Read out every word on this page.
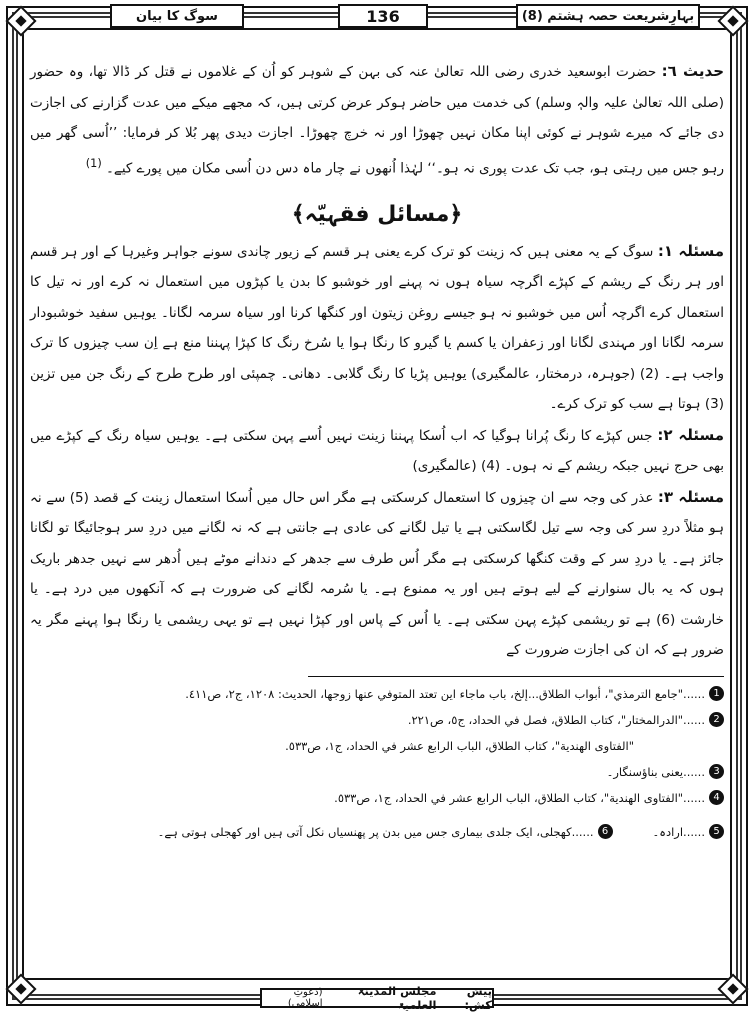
بہارِشریعت حصہ ہشتم (8)
136
سوگ کا بیان

حدیث ٦: حضرت ابوسعید خدری رضی اللہ تعالیٰ عنہ کی بہن کے شوہر کو اُن کے غلاموں نے قتل کر ڈالا تھا، وہ حضور (صلی اللہ تعالیٰ علیہ والہٖ وسلم) کی خدمت میں حاضر ہوکر عرض کرتی ہیں، کہ مجھے میکے میں عدت گزارنے کی اجازت دی جائے کہ میرے شوہر نے کوئی اپنا مکان نہیں چھوڑا اور نہ خرچ چھوڑا۔ اجازت دیدی پھر بُلا کر فرمایا: ’’اُسی گھر میں رہو جس میں رہتی ہو، جب تک عدت پوری نہ ہو۔‘‘ لہٰذا اُنھوں نے چار ماہ دس دن اُسی مکان میں پورے کیے۔ $^{(1)}$

﴿مسائل فقہیّہ﴾

مسئلہ ۱: سوگ کے یہ معنی ہیں کہ زینت کو ترک کرے یعنی ہر قسم کے زیور چاندی سونے جواہر وغیرہا کے اور ہر قسم اور ہر رنگ کے ریشم کے کپڑے اگرچہ سیاہ ہوں نہ پہنے اور خوشبو کا بدن یا کپڑوں میں استعمال نہ کرے اور نہ تیل کا استعمال کرے اگرچہ اُس میں خوشبو نہ ہو جیسے روغن زیتون اور کنگھا کرنا اور سیاہ سرمہ لگانا۔ یوہیں سفید خوشبودار سرمہ لگانا اور مہندی لگانا اور زعفران یا کسم یا گیرو کا رنگا ہوا یا سُرخ رنگ کا کپڑا پہننا منع ہے اِن سب چیزوں کا ترک واجب ہے۔ (2) (جوہرہ، درمختار، عالمگیری) یوہیں پڑیا کا رنگ گلابی۔ دھانی۔ چمپئی اور طرح طرح کے رنگ جن میں تزین (3) ہوتا ہے سب کو ترک کرے۔

مسئلہ ۲: جس کپڑے کا رنگ پُرانا ہوگیا کہ اب اُسکا پہننا زینت نہیں اُسے پہن سکتی ہے۔ یوہیں سیاہ رنگ کے کپڑے میں بھی حرج نہیں جبکہ ریشم کے نہ ہوں۔ (4) (عالمگیری)

مسئلہ ۳: عذر کی وجہ سے ان چیزوں کا استعمال کرسکتی ہے مگر اس حال میں اُسکا استعمال زینت کے قصد (5) سے نہ ہو مثلاً دردِ سر کی وجہ سے تیل لگاسکتی ہے یا تیل لگانے کی عادی ہے جانتی ہے کہ نہ لگانے میں دردِ سر ہوجائیگا تو لگانا جائز ہے۔ یا دردِ سر کے وقت کنگھا کرسکتی ہے مگر اُس طرف سے جدھر کے دندانے موٹے ہیں اُدھر سے نہیں جدھر باریک ہوں کہ یہ بال سنوارنے کے لیے ہوتے ہیں اور یہ ممنوع ہے۔ یا سُرمہ لگانے کی ضرورت ہے کہ آنکھوں میں درد ہے۔ یا خارشت (6) ہے تو ریشمی کپڑے پہن سکتی ہے۔ یا اُس کے پاس اور کپڑا نہیں ہے تو یہی ریشمی یا رنگا ہوا پہنے مگر یہ ضرور ہے کہ ان کی اجازت ضرورت کے

1
......"جامع الترمذي"، أبواب الطلاق...إلخ، باب ماجاء اين تعتد المتوفي عنها زوجها، الحديث: ١٢٠٨، ج٢، ص٤١١.
2
......"الدرالمختار"، كتاب الطلاق، فصل في الحداد، ج٥، ص٢٢١.
"الفتاوى الهندية"، كتاب الطلاق، الباب الرابع عشر في الحداد، ج١، ص٥٣٣.
3
......یعنی بناؤسنگار۔
4
......"الفتاوى الهندية"، كتاب الطلاق، الباب الرابع عشر في الحداد، ج١، ص٥٣٣.
5
......ارادہ۔
6
......کھجلی، ایک جلدی بیماری جس میں بدن پر پھنسیاں نکل آتی ہیں اور کھجلی ہوتی ہے۔
پیش کش:

مجلس المدینۃ العلمیۃ
(دعوتِ اسلامی)
